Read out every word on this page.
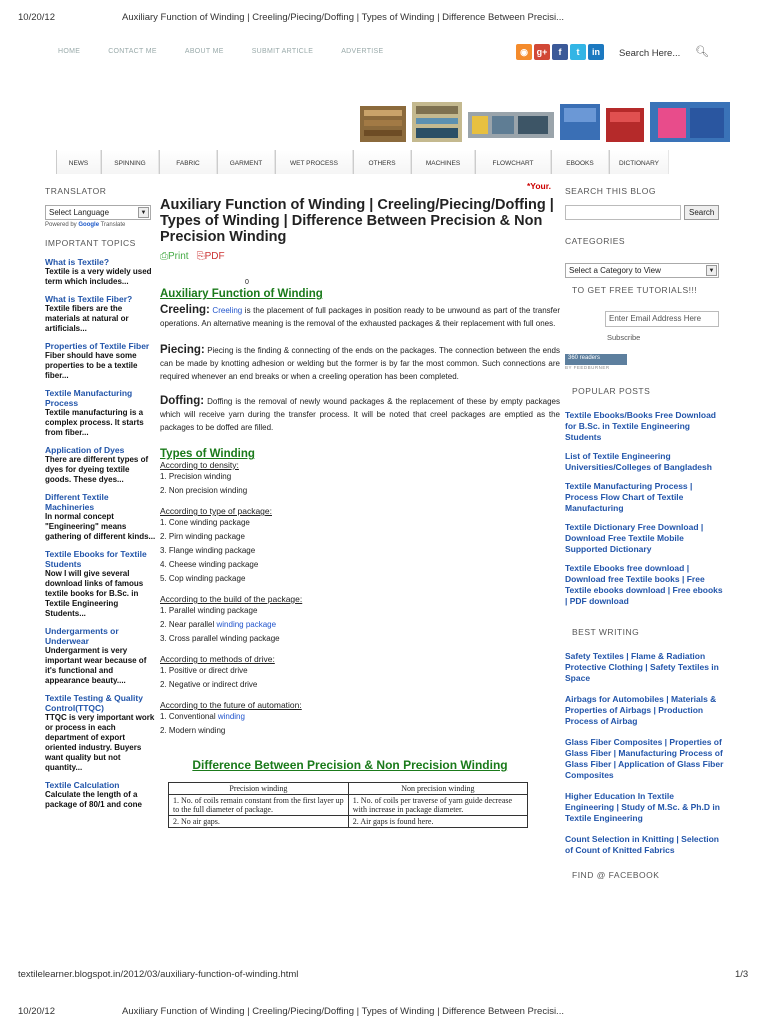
10/20/12	Auxiliary Function of Winding | Creeling/Piecing/Doffing | Types of Winding | Difference Between Precisi...
HOME	CONTACT ME	ABOUT ME	SUBMIT ARTICLE	ADVERTISE	◉ g+	f	t	in	Search Here... 🔍︎
NEWS	SPINNING	FABRIC	GARMENT	WET PROCESS	OTHERS	MACHINES	FLOWCHART	EBOOKS	DICTIONARY
TRANSLATOR
Select Language	▼
Powered by Google Translate
IMPORTANT TOPICS
What is Textile?
Textile is a very widely used term which includes...
What is Textile Fiber?
Textile fibers are the materials at natural or artificials...
Properties of Textile Fiber
Fiber should have some properties to be a textile fiber...
Textile Manufacturing Process
Textile manufacturing is a complex process. It starts from fiber...
Application of Dyes
There are different types of dyes for dyeing textile goods. These dyes...
Different Textile Machineries
In normal concept "Engineering" means gathering of different kinds...
Textile Ebooks for Textile Students
Now I will give several download links of famous textile books for B.Sc. in Textile Engineering Students...
Undergarments or Underwear
Undergarment is very important wear because of it's functional and appearance beauty....
Textile Testing & Quality Control(TTQC)
TTQC is very important work or process in each department of export oriented industry. Buyers want quality but not quantity...
Textile Calculation
Calculate the length of a package of 80/1 and cone
*Your.
Auxiliary Function of Winding | Creeling/Piecing/Doffing | Types of Winding | Difference Between Precision & Non Precision Winding
⎙Print ⎘PDF
0
Auxiliary Function of Winding
Creeling: Creeling is the placement of full packages in position ready to be unwound as part of the transfer operations. An alternative meaning is the removal of the exhausted packages & their replacement with full ones.
Piecing: Piecing is the finding & connecting of the ends on the packages. The connection between the ends can be made by knotting adhesion or welding but the former is by far the most common. Such connections are required whenever an end breaks or when a creeling operation has been completed.
Doffing: Doffing is the removal of newly wound packages & the replacement of these by empty packages which will receive yarn during the transfer process. It will be noted that creel packages are emptied as the packages to be doffed are filled.
Types of Winding
According to density:
1. Precision winding
2. Non precision winding
According to type of package:
1. Cone winding package
2. Pirn winding package
3. Flange winding package
4. Cheese winding package
5. Cop winding package
According to the build of the package:
1. Parallel winding package
2. Near parallel winding package
3. Cross parallel winding package
According to methods of drive:
1. Positive or direct drive
2. Negative or indirect drive
According to the future of automation:
1. Conventional winding
2. Modern winding
Difference Between Precision & Non Precision Winding
Precision winding	Non precision winding
1. No. of coils remain constant from the first layer up to the full diameter of package.	1. No. of coils per traverse of yarn guide decrease with increase in package diameter.
2. No air gaps.	2. Air gaps is found here.
SEARCH THIS BLOG
Search
CATEGORIES
Select a Category to View	▼
TO GET FREE TUTORIALS!!!
Enter Email Address Here
Subscribe
360 readers
BY FEEDBURNER
POPULAR POSTS
Textile Ebooks/Books Free Download for B.Sc. in Textile Engineering Students
List of Textile Engineering Universities/Colleges of Bangladesh
Textile Manufacturing Process | Process Flow Chart of Textile Manufacturing
Textile Dictionary Free Download | Download Free Textile Mobile Supported Dictionary
Textile Ebooks free download | Download free Textile books | Free Textile ebooks download | Free ebooks | PDF download
BEST WRITING
Safety Textiles | Flame & Radiation Protective Clothing | Safety Textiles in Space
Airbags for Automobiles | Materials & Properties of Airbags | Production Process of Airbag
Glass Fiber Composites | Properties of Glass Fiber | Manufacturing Process of Glass Fiber | Application of Glass Fiber Composites
Higher Education In Textile Engineering | Study of M.Sc. & Ph.D in Textile Engineering
Count Selection in Knitting | Selection of Count of Knitted Fabrics
FIND @ FACEBOOK
textilelearner.blogspot.in/2012/03/auxiliary-function-of-winding.html	1/3
10/20/12	Auxiliary Function of Winding | Creeling/Piecing/Doffing | Types of Winding | Difference Between Precisi...
